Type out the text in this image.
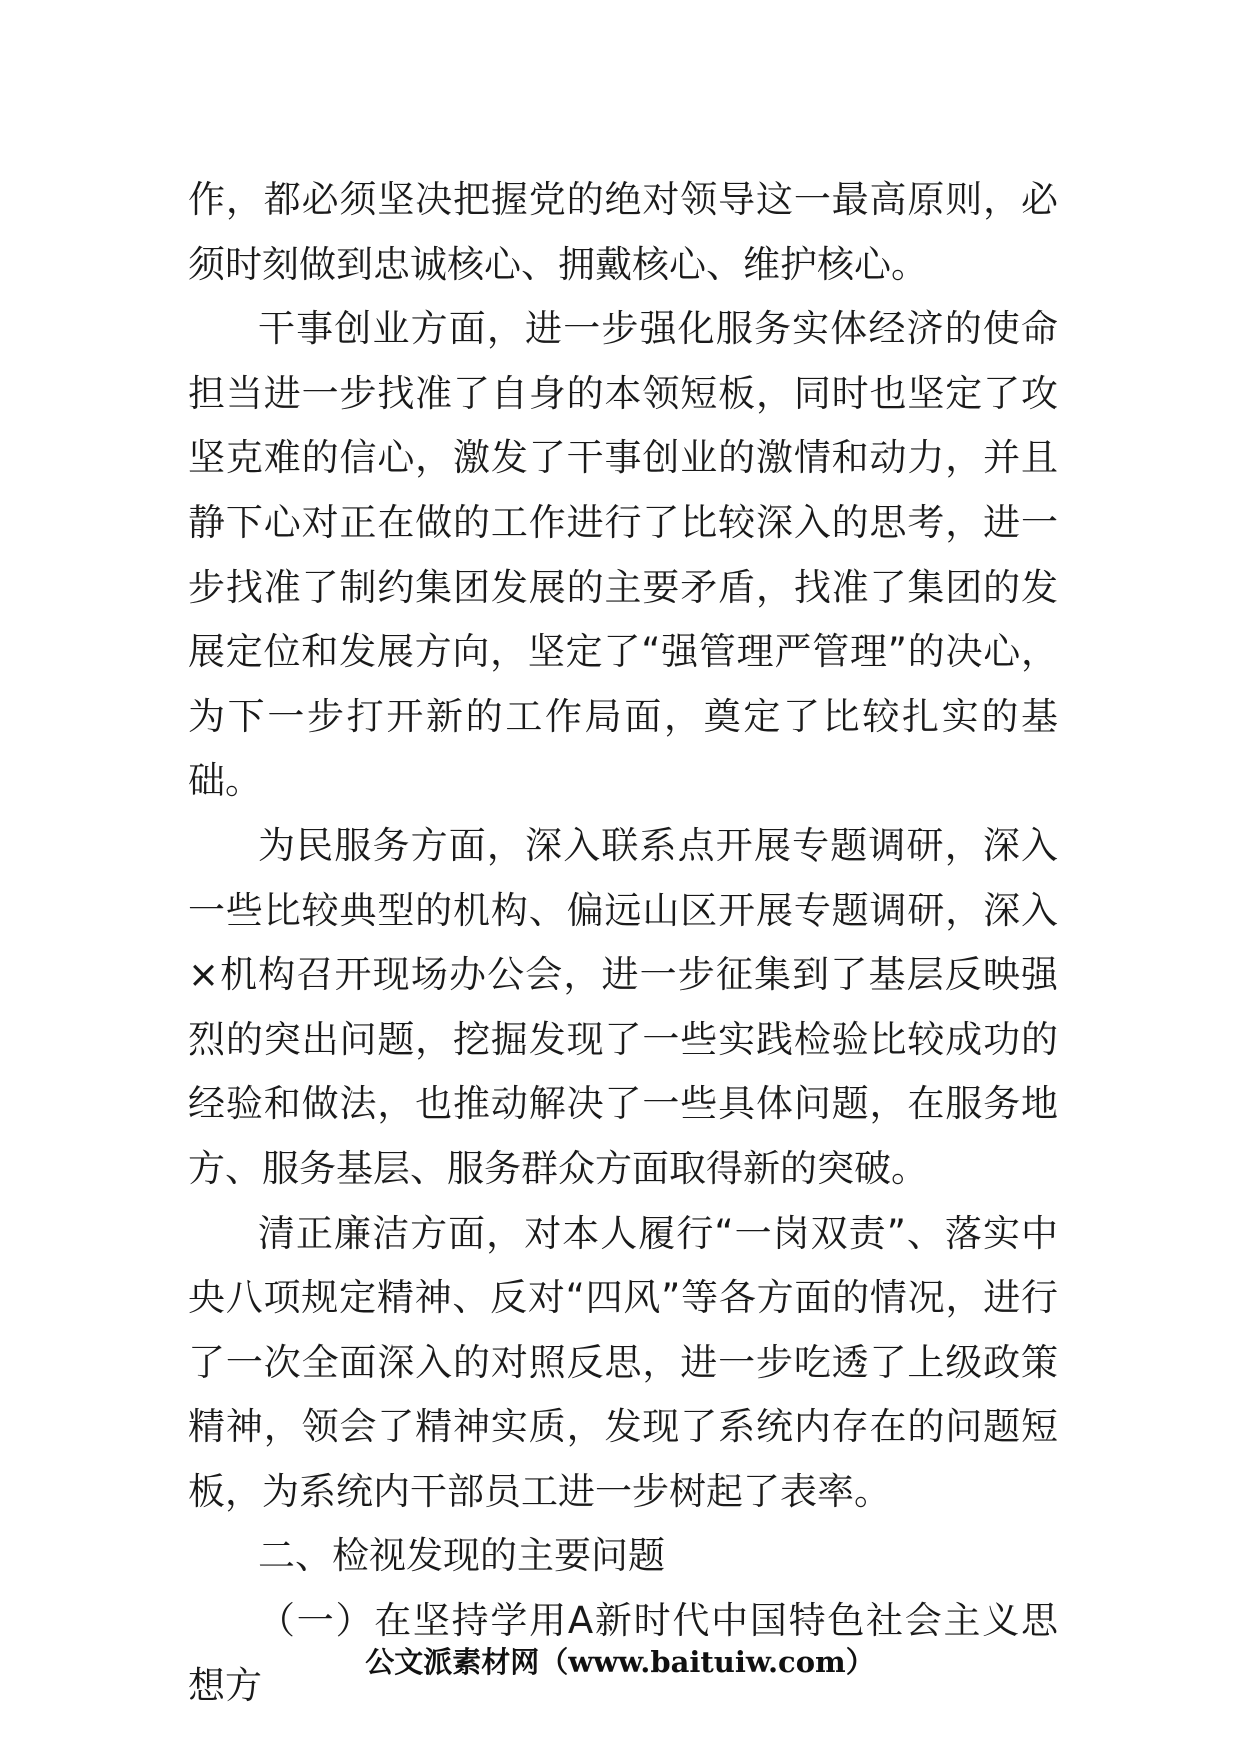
作，都必须坚决把握党的绝对领导这一最高原则，必须时刻做到忠诚核心、拥戴核心、维护核心。

干事创业方面，进一步强化服务实体经济的使命担当进一步找准了自身的本领短板，同时也坚定了攻坚克难的信心，激发了干事创业的激情和动力，并且静下心对正在做的工作进行了比较深入的思考，进一步找准了制约集团发展的主要矛盾，找准了集团的发展定位和发展方向，坚定了“强管理严管理”的决心，为下一步打开新的工作局面，奠定了比较扎实的基础。

为民服务方面，深入联系点开展专题调研，深入一些比较典型的机构、偏远山区开展专题调研，深入×机构召开现场办公会，进一步征集到了基层反映强烈的突出问题，挖掘发现了一些实践检验比较成功的经验和做法，也推动解决了一些具体问题，在服务地方、服务基层、服务群众方面取得新的突破。

清正廉洁方面，对本人履行“一岗双责”、落实中央八项规定精神、反对“四风”等各方面的情况，进行了一次全面深入的对照反思，进一步吃透了上级政策精神，领会了精神实质，发现了系统内存在的问题短板，为系统内干部员工进一步树起了表率。

二、检视发现的主要问题

（一）在坚持学用A新时代中国特色社会主义思想方

公文派素材网（www.baituiw.com）
